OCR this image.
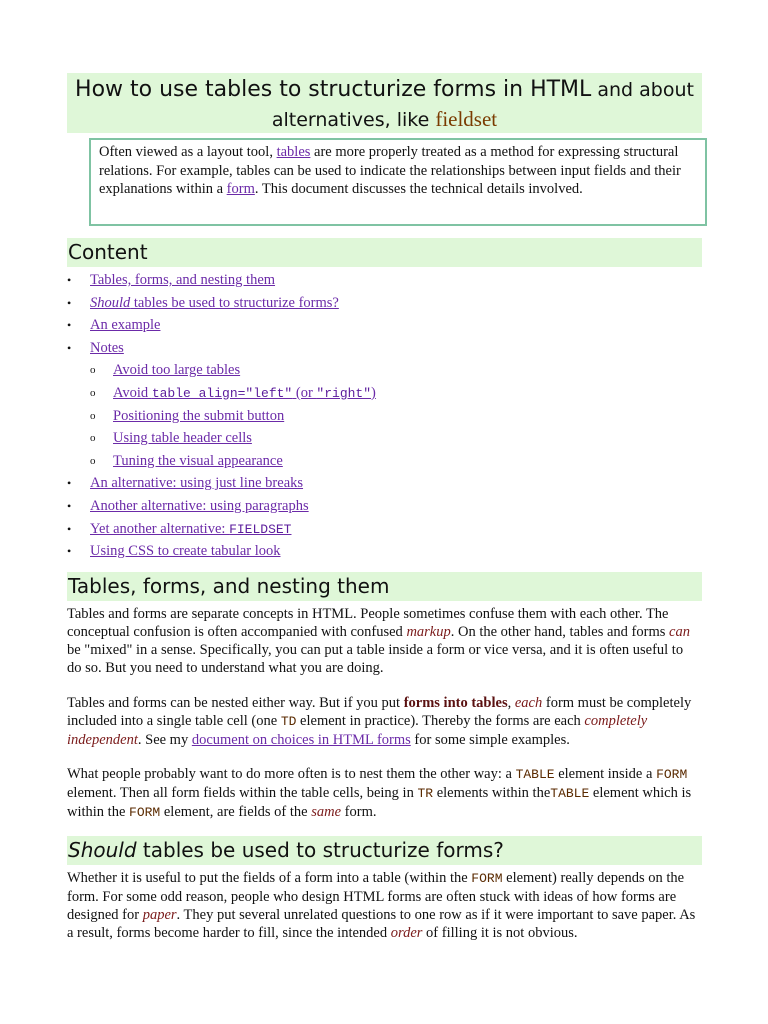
How to use tables to structurize forms in HTML and about
alternatives, like fieldset
Often viewed as a layout tool, tables are more properly treated as a method for expressing structural relations. For example, tables can be used to indicate the relationships between input fields and their explanations within a form. This document discusses the technical details involved.
Content
• Tables, forms, and nesting them
• Should tables be used to structurize forms?
• An example
• Notes
o Avoid too large tables
o Avoid table align="left" (or "right")
o Positioning the submit button
o Using table header cells
o Tuning the visual appearance
• An alternative: using just line breaks
• Another alternative: using paragraphs
• Yet another alternative: FIELDSET
• Using CSS to create tabular look
Tables, forms, and nesting them
Tables and forms are separate concepts in HTML. People sometimes confuse them with each other. The conceptual confusion is often accompanied with confused markup. On the other hand, tables and forms can be "mixed" in a sense. Specifically, you can put a table inside a form or vice versa, and it is often useful to do so. But you need to understand what you are doing.
Tables and forms can be nested either way. But if you put forms into tables, each form must be completely included into a single table cell (one TD element in practice). Thereby the forms are each completely independent. See my document on choices in HTML forms for some simple examples.
What people probably want to do more often is to nest them the other way: a TABLE element inside a FORM element. Then all form fields within the table cells, being in TR elements within theTABLE element which is within the FORM element, are fields of the same form.
Should tables be used to structurize forms?
Whether it is useful to put the fields of a form into a table (within the FORM element) really depends on the form. For some odd reason, people who design HTML forms are often stuck with ideas of how forms are designed for paper. They put several unrelated questions to one row as if it were important to save paper. As a result, forms become harder to fill, since the intended order of filling it is not obvious.
